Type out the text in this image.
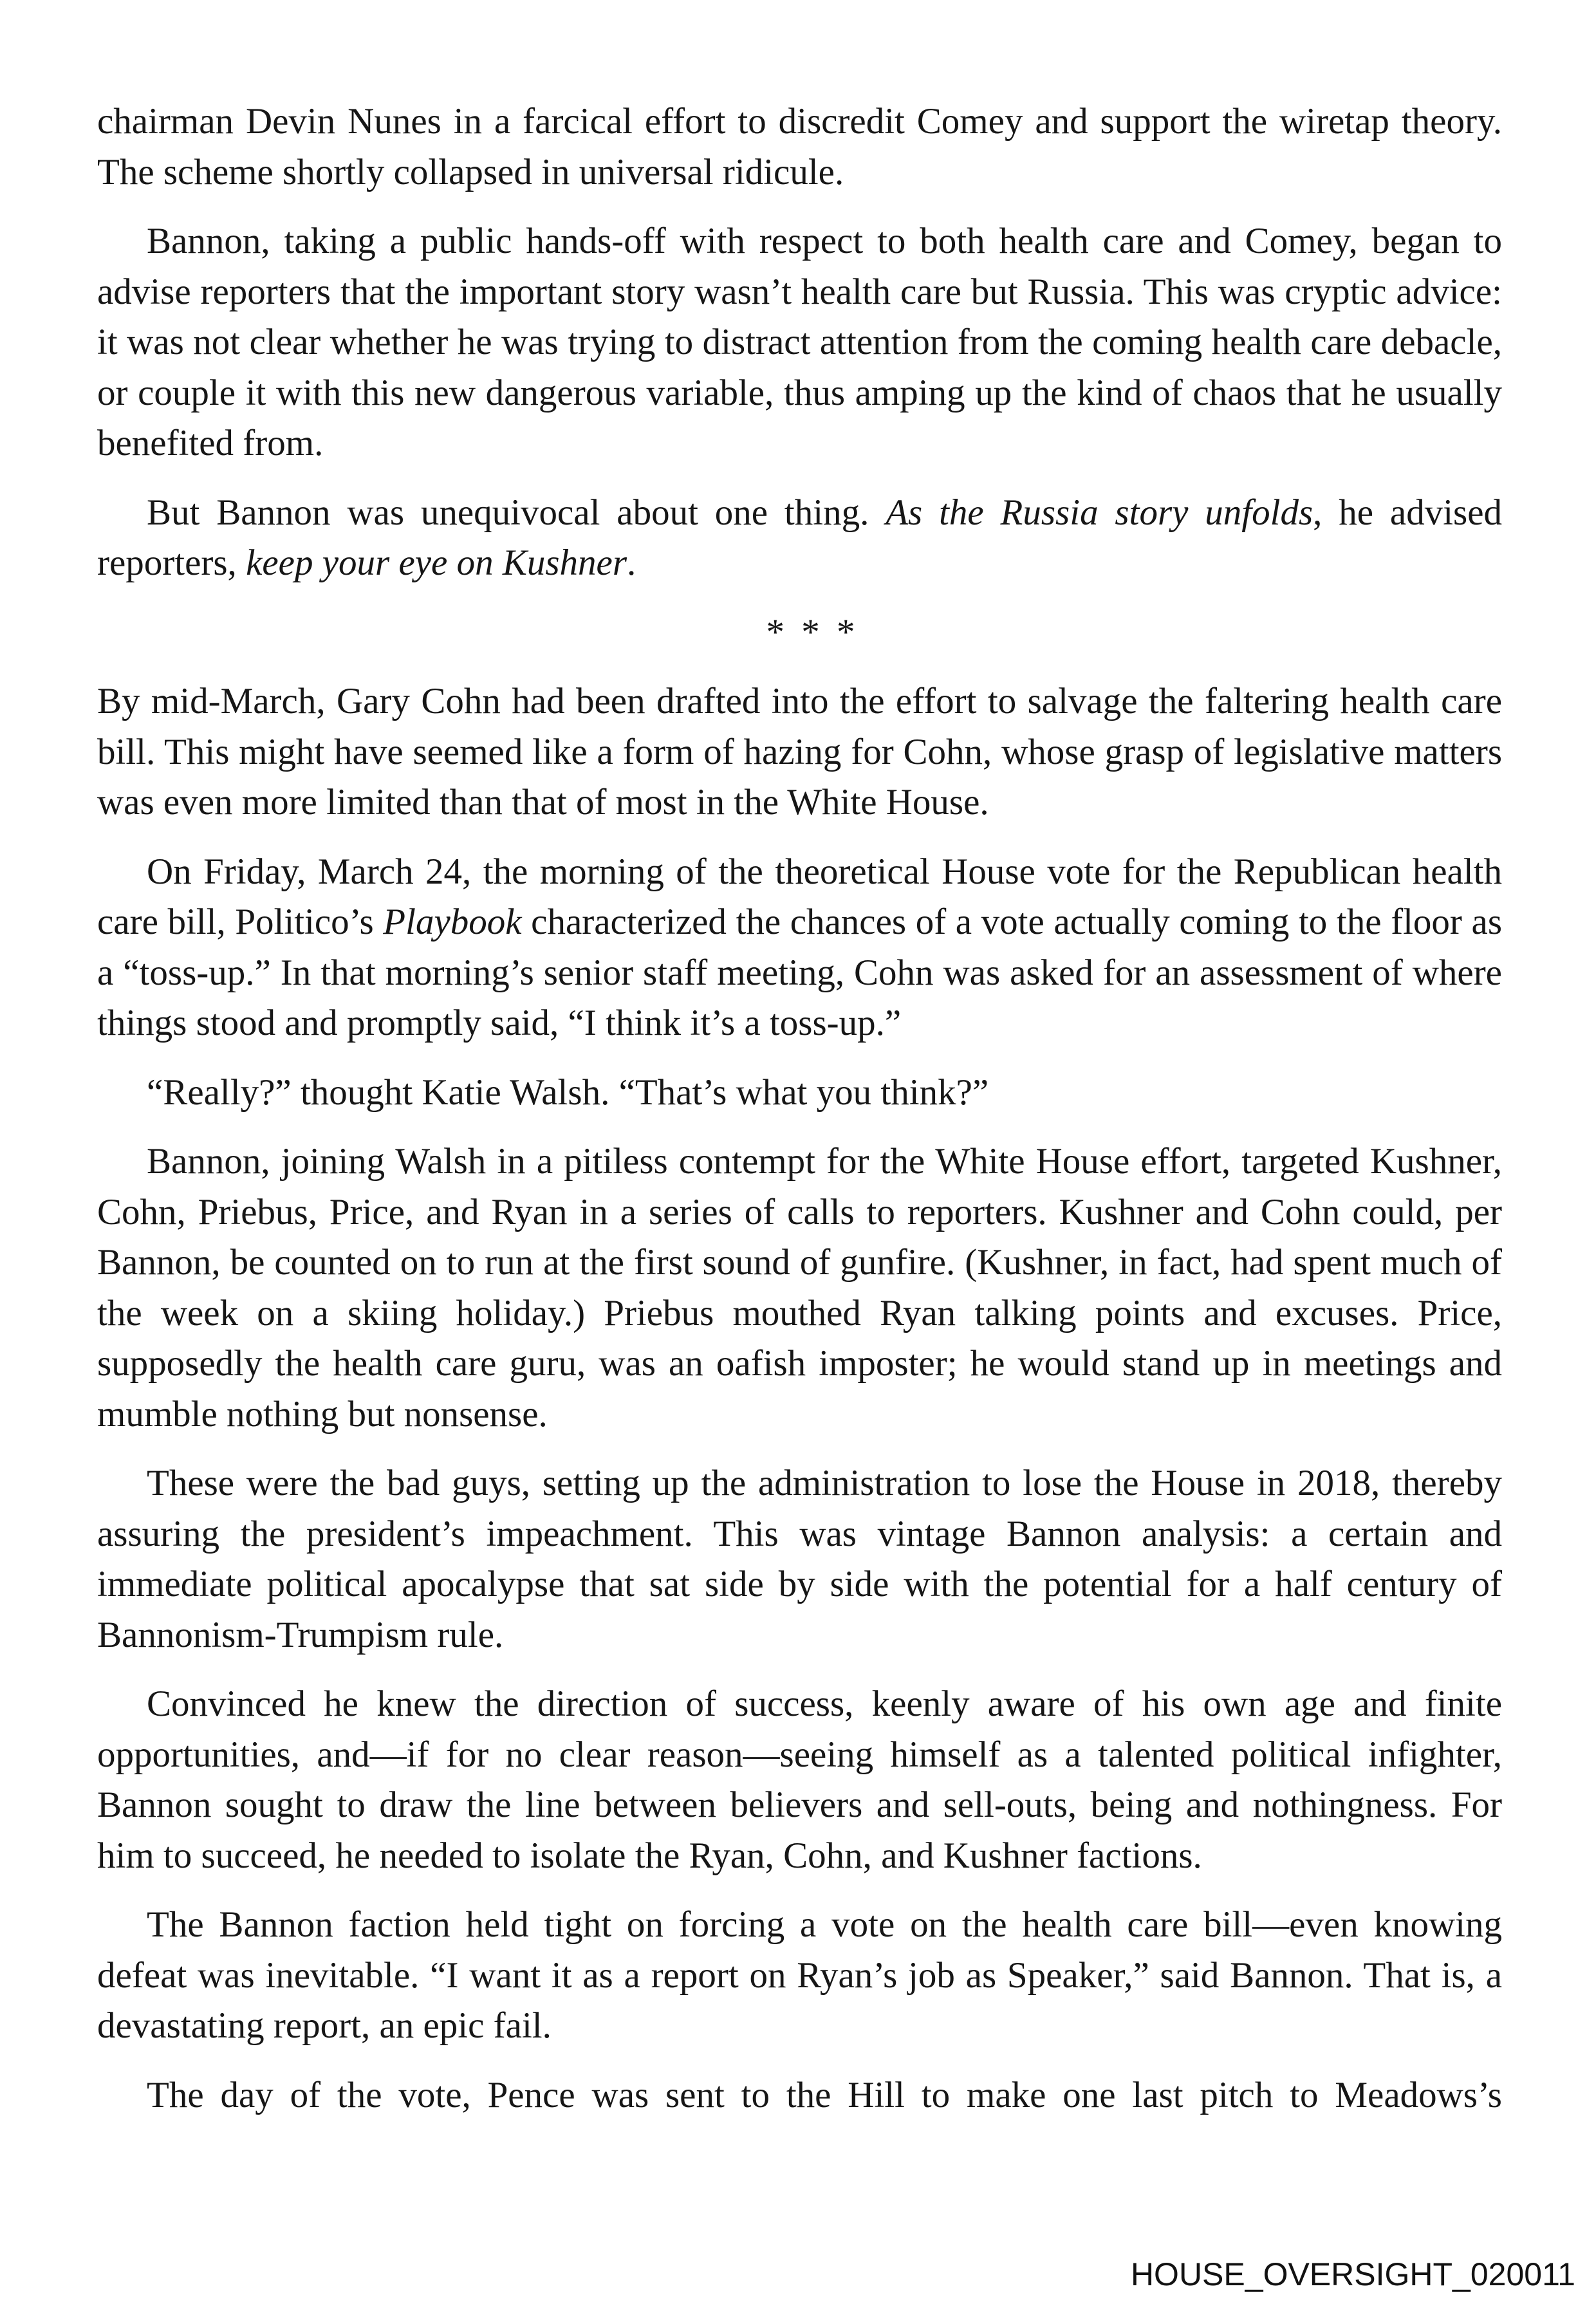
chairman Devin Nunes in a farcical effort to discredit Comey and support the wiretap theory. The scheme shortly collapsed in universal ridicule.

Bannon, taking a public hands-off with respect to both health care and Comey, began to advise reporters that the important story wasn’t health care but Russia. This was cryptic advice: it was not clear whether he was trying to distract attention from the coming health care debacle, or couple it with this new dangerous variable, thus amping up the kind of chaos that he usually benefited from.

But Bannon was unequivocal about one thing. As the Russia story unfolds, he advised reporters, keep your eye on Kushner.

* * *

By mid-March, Gary Cohn had been drafted into the effort to salvage the faltering health care bill. This might have seemed like a form of hazing for Cohn, whose grasp of legislative matters was even more limited than that of most in the White House.

On Friday, March 24, the morning of the theoretical House vote for the Republican health care bill, Politico’s Playbook characterized the chances of a vote actually coming to the floor as a “toss-up.” In that morning’s senior staff meeting, Cohn was asked for an assessment of where things stood and promptly said, “I think it’s a toss-up.”

“Really?” thought Katie Walsh. “That’s what you think?”

Bannon, joining Walsh in a pitiless contempt for the White House effort, targeted Kushner, Cohn, Priebus, Price, and Ryan in a series of calls to reporters. Kushner and Cohn could, per Bannon, be counted on to run at the first sound of gunfire. (Kushner, in fact, had spent much of the week on a skiing holiday.) Priebus mouthed Ryan talking points and excuses. Price, supposedly the health care guru, was an oafish imposter; he would stand up in meetings and mumble nothing but nonsense.

These were the bad guys, setting up the administration to lose the House in 2018, thereby assuring the president’s impeachment. This was vintage Bannon analysis: a certain and immediate political apocalypse that sat side by side with the potential for a half century of Bannonism-Trumpism rule.

Convinced he knew the direction of success, keenly aware of his own age and finite opportunities, and—if for no clear reason—seeing himself as a talented political infighter, Bannon sought to draw the line between believers and sell-outs, being and nothingness. For him to succeed, he needed to isolate the Ryan, Cohn, and Kushner factions.

The Bannon faction held tight on forcing a vote on the health care bill—even knowing defeat was inevitable. “I want it as a report on Ryan’s job as Speaker,” said Bannon. That is, a devastating report, an epic fail.

The day of the vote, Pence was sent to the Hill to make one last pitch to Meadows’s

HOUSE_OVERSIGHT_020011
